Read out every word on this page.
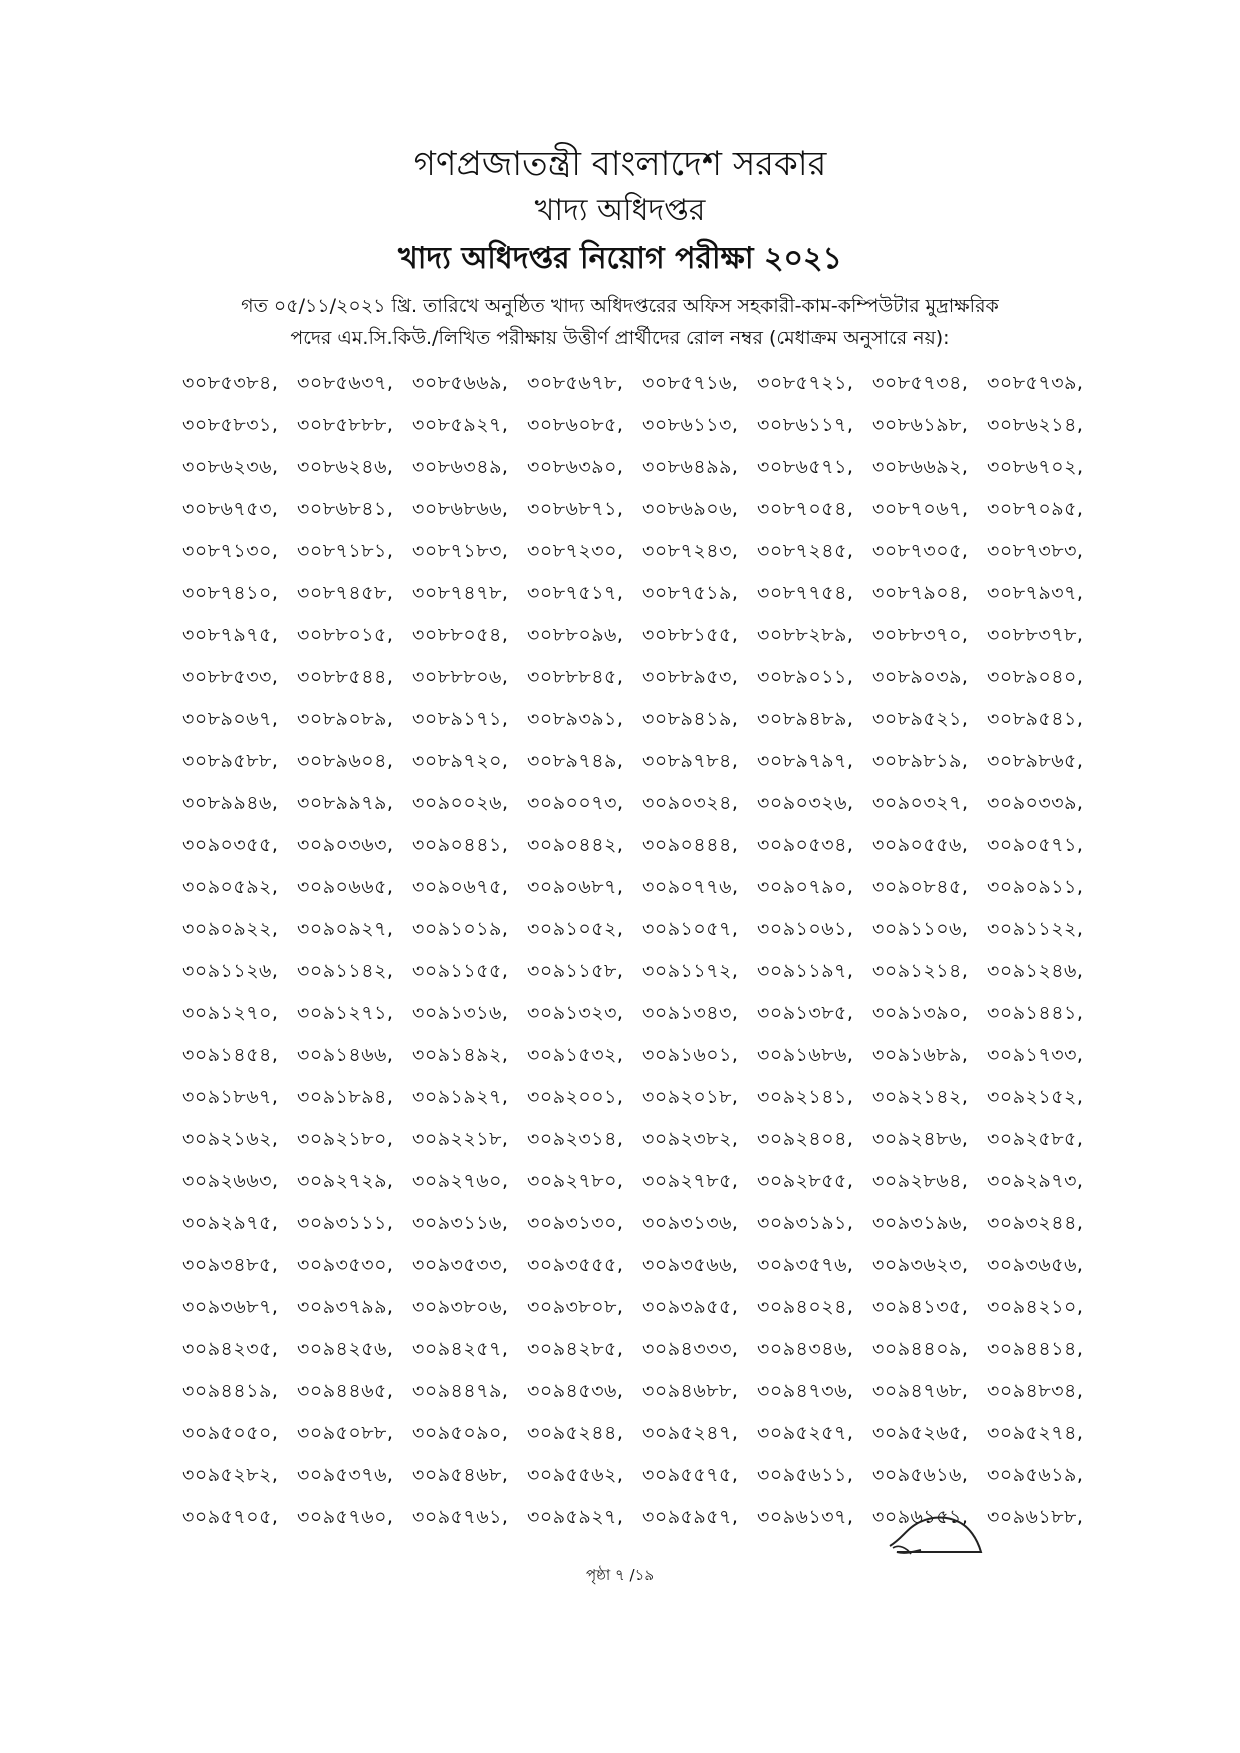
গণপ্রজাতন্ত্রী বাংলাদেশ সরকার
খাদ্য অধিদপ্তর
খাদ্য অধিদপ্তর নিয়োগ পরীক্ষা ২০২১
গত ০৫/১১/২০২১ খ্রি. তারিখে অনুষ্ঠিত খাদ্য অধিদপ্তরের অফিস সহকারী-কাম-কম্পিউটার মুদ্রাক্ষরিক
পদের এম.সি.কিউ./লিখিত পরীক্ষায় উত্তীর্ণ প্রার্থীদের রোল নম্বর (মেধাক্রম অনুসারে নয়):
৩০৮৫৩৮৪, ৩০৮৫৬৩৭, ৩০৮৫৬৬৯, ৩০৮৫৬৭৮, ৩০৮৫৭১৬, ৩০৮৫৭২১, ৩০৮৫৭৩৪, ৩০৮৫৭৩৯,
৩০৮৫৮৩১, ৩০৮৫৮৮৮, ৩০৮৫৯২৭, ৩০৮৬০৮৫, ৩০৮৬১১৩, ৩০৮৬১১৭, ৩০৮৬১৯৮, ৩০৮৬২১৪,
৩০৮৬২৩৬, ৩০৮৬২৪৬, ৩০৮৬৩৪৯, ৩০৮৬৩৯০, ৩০৮৬৪৯৯, ৩০৮৬৫৭১, ৩০৮৬৬৯২, ৩০৮৬৭০২,
৩০৮৬৭৫৩, ৩০৮৬৮৪১, ৩০৮৬৮৬৬, ৩০৮৬৮৭১, ৩০৮৬৯০৬, ৩০৮৭০৫৪, ৩০৮৭০৬৭, ৩০৮৭০৯৫,
৩০৮৭১৩০, ৩০৮৭১৮১, ৩০৮৭১৮৩, ৩০৮৭২৩০, ৩০৮৭২৪৩, ৩০৮৭২৪৫, ৩০৮৭৩০৫, ৩০৮৭৩৮৩,
৩০৮৭৪১০, ৩০৮৭৪৫৮, ৩০৮৭৪৭৮, ৩০৮৭৫১৭, ৩০৮৭৫১৯, ৩০৮৭৭৫৪, ৩০৮৭৯০৪, ৩০৮৭৯৩৭,
৩০৮৭৯৭৫, ৩০৮৮০১৫, ৩০৮৮০৫৪, ৩০৮৮০৯৬, ৩০৮৮১৫৫, ৩০৮৮২৮৯, ৩০৮৮৩৭০, ৩০৮৮৩৭৮,
৩০৮৮৫৩৩, ৩০৮৮৫৪৪, ৩০৮৮৮০৬, ৩০৮৮৮৪৫, ৩০৮৮৯৫৩, ৩০৮৯০১১, ৩০৮৯০৩৯, ৩০৮৯০৪০,
৩০৮৯০৬৭, ৩০৮৯০৮৯, ৩০৮৯১৭১, ৩০৮৯৩৯১, ৩০৮৯৪১৯, ৩০৮৯৪৮৯, ৩০৮৯৫২১, ৩০৮৯৫৪১,
৩০৮৯৫৮৮, ৩০৮৯৬০৪, ৩০৮৯৭২০, ৩০৮৯৭৪৯, ৩০৮৯৭৮৪, ৩০৮৯৭৯৭, ৩০৮৯৮১৯, ৩০৮৯৮৬৫,
৩০৮৯৯৪৬, ৩০৮৯৯৭৯, ৩০৯০০২৬, ৩০৯০০৭৩, ৩০৯০৩২৪, ৩০৯০৩২৬, ৩০৯০৩২৭, ৩০৯০৩৩৯,
৩০৯০৩৫৫, ৩০৯০৩৬৩, ৩০৯০৪৪১, ৩০৯০৪৪২, ৩০৯০৪৪৪, ৩০৯০৫৩৪, ৩০৯০৫৫৬, ৩০৯০৫৭১,
৩০৯০৫৯২, ৩০৯০৬৬৫, ৩০৯০৬৭৫, ৩০৯০৬৮৭, ৩০৯০৭৭৬, ৩০৯০৭৯০, ৩০৯০৮৪৫, ৩০৯০৯১১,
৩০৯০৯২২, ৩০৯০৯২৭, ৩০৯১০১৯, ৩০৯১০৫২, ৩০৯১০৫৭, ৩০৯১০৬১, ৩০৯১১০৬, ৩০৯১১২২,
৩০৯১১২৬, ৩০৯১১৪২, ৩০৯১১৫৫, ৩০৯১১৫৮, ৩০৯১১৭২, ৩০৯১১৯৭, ৩০৯১২১৪, ৩০৯১২৪৬,
৩০৯১২৭০, ৩০৯১২৭১, ৩০৯১৩১৬, ৩০৯১৩২৩, ৩০৯১৩৪৩, ৩০৯১৩৮৫, ৩০৯১৩৯০, ৩০৯১৪৪১,
৩০৯১৪৫৪, ৩০৯১৪৬৬, ৩০৯১৪৯২, ৩০৯১৫৩২, ৩০৯১৬০১, ৩০৯১৬৮৬, ৩০৯১৬৮৯, ৩০৯১৭৩৩,
৩০৯১৮৬৭, ৩০৯১৮৯৪, ৩০৯১৯২৭, ৩০৯২০০১, ৩০৯২০১৮, ৩০৯২১৪১, ৩০৯২১৪২, ৩০৯২১৫২,
৩০৯২১৬২, ৩০৯২১৮০, ৩০৯২২১৮, ৩০৯২৩১৪, ৩০৯২৩৮২, ৩০৯২৪০৪, ৩০৯২৪৮৬, ৩০৯২৫৮৫,
৩০৯২৬৬৩, ৩০৯২৭২৯, ৩০৯২৭৬০, ৩০৯২৭৮০, ৩০৯২৭৮৫, ৩০৯২৮৫৫, ৩০৯২৮৬৪, ৩০৯২৯৭৩,
৩০৯২৯৭৫, ৩০৯৩১১১, ৩০৯৩১১৬, ৩০৯৩১৩০, ৩০৯৩১৩৬, ৩০৯৩১৯১, ৩০৯৩১৯৬, ৩০৯৩২৪৪,
৩০৯৩৪৮৫, ৩০৯৩৫৩০, ৩০৯৩৫৩৩, ৩০৯৩৫৫৫, ৩০৯৩৫৬৬, ৩০৯৩৫৭৬, ৩০৯৩৬২৩, ৩০৯৩৬৫৬,
৩০৯৩৬৮৭, ৩০৯৩৭৯৯, ৩০৯৩৮০৬, ৩০৯৩৮০৮, ৩০৯৩৯৫৫, ৩০৯৪০২৪, ৩০৯৪১৩৫, ৩০৯৪২১০,
৩০৯৪২৩৫, ৩০৯৪২৫৬, ৩০৯৪২৫৭, ৩০৯৪২৮৫, ৩০৯৪৩৩৩, ৩০৯৪৩৪৬, ৩০৯৪৪০৯, ৩০৯৪৪১৪,
৩০৯৪৪১৯, ৩০৯৪৪৬৫, ৩০৯৪৪৭৯, ৩০৯৪৫৩৬, ৩০৯৪৬৮৮, ৩০৯৪৭৩৬, ৩০৯৪৭৬৮, ৩০৯৪৮৩৪,
৩০৯৫০৫০, ৩০৯৫০৮৮, ৩০৯৫০৯০, ৩০৯৫২৪৪, ৩০৯৫২৪৭, ৩০৯৫২৫৭, ৩০৯৫২৬৫, ৩০৯৫২৭৪,
৩০৯৫২৮২, ৩০৯৫৩৭৬, ৩০৯৫৪৬৮, ৩০৯৫৫৬২, ৩০৯৫৫৭৫, ৩০৯৫৬১১, ৩০৯৫৬১৬, ৩০৯৫৬১৯,
৩০৯৫৭০৫, ৩০৯৫৭৬০, ৩০৯৫৭৬১, ৩০৯৫৯২৭, ৩০৯৫৯৫৭, ৩০৯৬১৩৭, ৩০৯৬১৫১, ৩০৯৬১৮৮,
পৃষ্ঠা ৭ /১৯
